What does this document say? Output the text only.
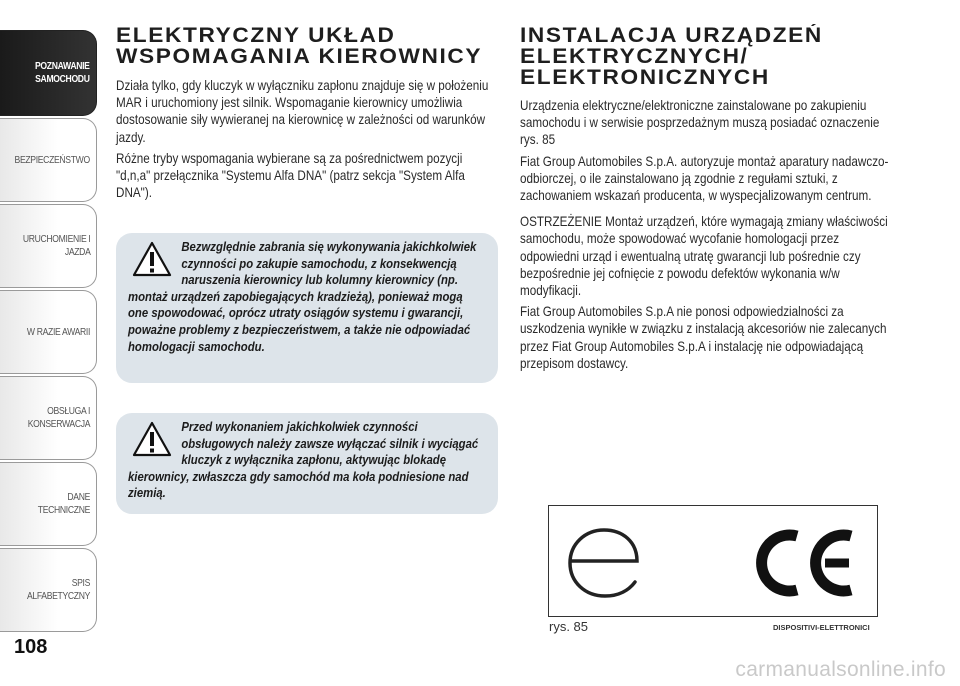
POZNAWANIE
SAMOCHODU
BEZPIECZEŃSTWO
URUCHOMIENIE I
JAZDA
W RAZIE AWARII
OBSŁUGA I
KONSERWACJA
DANE TECHNICZNE
SPIS ALFABETYCZNY
108
ELEKTRYCZNY UKŁAD
WSPOMAGANIA KIEROWNICY

Działa tylko, gdy kluczyk w wyłączniku zapłonu znajduje się w położeniu MAR i uruchomiony jest silnik. Wspomaganie kierownicy umożliwia dostosowanie siły wywieranej na kierownicę w zależności od warunków jazdy.

Różne tryby wspomagania wybierane są za pośrednictwem pozycji "d,n,a" przełącznika "Systemu Alfa DNA" (patrz sekcja "System Alfa DNA").

Bezwzględnie zabrania się wykonywania jakichkolwiek czynności po zakupie samochodu, z konsekwencją naruszenia kierownicy lub kolumny kierownicy (np. montaż urządzeń zapobiegających kradzieżą), ponieważ mogą one spowodować, oprócz utraty osiągów systemu i gwarancji, poważne problemy z bezpieczeństwem, a także nie odpowiadać homologacji samochodu.
Przed wykonaniem jakichkolwiek czynności obsługowych należy zawsze wyłączać silnik i wyciągać kluczyk z wyłącznika zapłonu, aktywując blokadę kierownicy, zwłaszcza gdy samochód ma koła podniesione nad ziemią.
INSTALACJA URZĄDZEŃ
ELEKTRYCZNYCH/
ELEKTRONICZNYCH

Urządzenia elektryczne/elektroniczne zainstalowane po zakupieniu samochodu i w serwisie posprzedażnym muszą posiadać oznaczenie rys. 85

Fiat Group Automobiles S.p.A. autoryzuje montaż aparatury nadawczo-odbiorczej, o ile zainstalowano ją zgodnie z regułami sztuki, z zachowaniem wskazań producenta, w wyspecjalizowanym centrum.

OSTRZEŻENIE Montaż urządzeń, które wymagają zmiany właściwości samochodu, może spowodować wycofanie homologacji przez odpowiedni urząd i ewentualną utratę gwarancji lub pośrednie czy bezpośrednie jej cofnięcie z powodu defektów wykonania w/w modyfikacji.

Fiat Group Automobiles S.p.A nie ponosi odpowiedzialności za uszkodzenia wynikłe w związku z instalacją akcesoriów nie zalecanych przez Fiat Group Automobiles S.p.A i instalację nie odpowiadającą przepisom dostawcy.

rys. 85	DISPOSITIVI-ELETTRONICI
carmanualsonline.info
